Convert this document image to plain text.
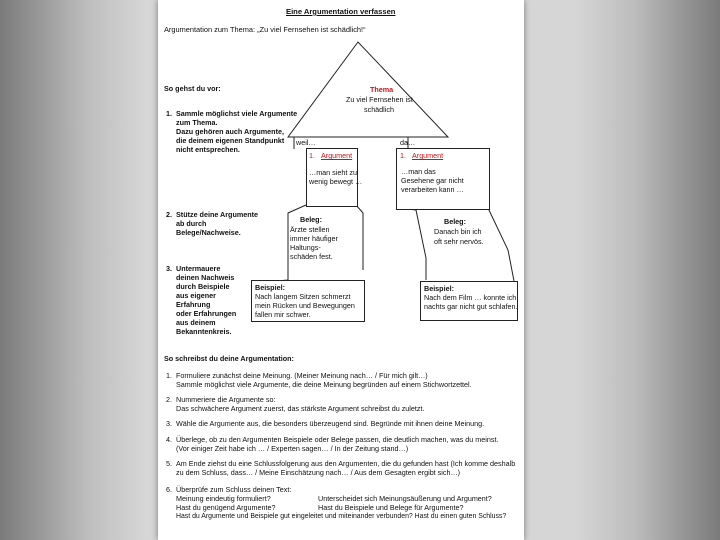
Eine Argumentation verfassen
Argumentation zum Thema: „Zu viel Fernsehen ist schädlich!“
So gehst du vor:
1. Sammle möglichst viele Argumente
zum Thema.
Dazu gehören auch Argumente,
die deinem eigenen Standpunkt
nicht entsprechen.
2. Stütze deine Argumente
ab durch
Belege/Nachweise.
3. Untermauere
deinen Nachweis
durch Beispiele
aus eigener
Erfahrung
oder Erfahrungen
aus deinem
Bekanntenkreis.
Thema
Zu viel Fernsehen ist
schädlich
weil…	da…
1. Argument
…man sieht zu
wenig bewegt …
1. Argument
…man das
Gesehene gar nicht
verarbeiten kann …
Beleg:
Ärzte stellen
immer häufiger
Haltungs-
schäden fest.
Beleg:
Danach bin ich
oft sehr nervös.
Beispiel:
Nach langem Sitzen schmerzt
mein Rücken und Bewegungen
fallen mir schwer.
Beispiel:
Nach dem Film … konnte ich
nachts gar nicht gut schlafen.
So schreibst du deine Argumentation:
1. Formuliere zunächst deine Meinung. (Meiner Meinung nach… / Für mich gilt…)
Sammle möglichst viele Argumente, die deine Meinung begründen auf einem Stichwortzettel.
2. Nummeriere die Argumente so:
Das schwächere Argument zuerst, das stärkste Argument schreibst du zuletzt.
3. Wähle die Argumente aus, die besonders überzeugend sind. Begründe mit ihnen deine Meinung.
4. Überlege, ob zu den Argumenten Beispiele oder Belege passen, die deutlich machen, was du meinst.
(Vor einiger Zeit habe ich … / Experten sagen… / In der Zeitung stand…)
5. Am Ende ziehst du eine Schlussfolgerung aus den Argumenten, die du gefunden hast (Ich komme deshalb
zu dem Schluss, dass… / Meine Einschätzung nach… / Aus dem Gesagten ergibt sich…)
6. Überprüfe zum Schluss deinen Text:
Meinung eindeutig formuliert?
Hast du genügend Argumente?
Hast du Argumente und Beispiele gut eingeleitet und miteinander verbunden? Hast du einen guten Schluss?
Unterscheidet sich Meinungsäußerung und Argument?
Hast du Beispiele und Belege für Argumente?
